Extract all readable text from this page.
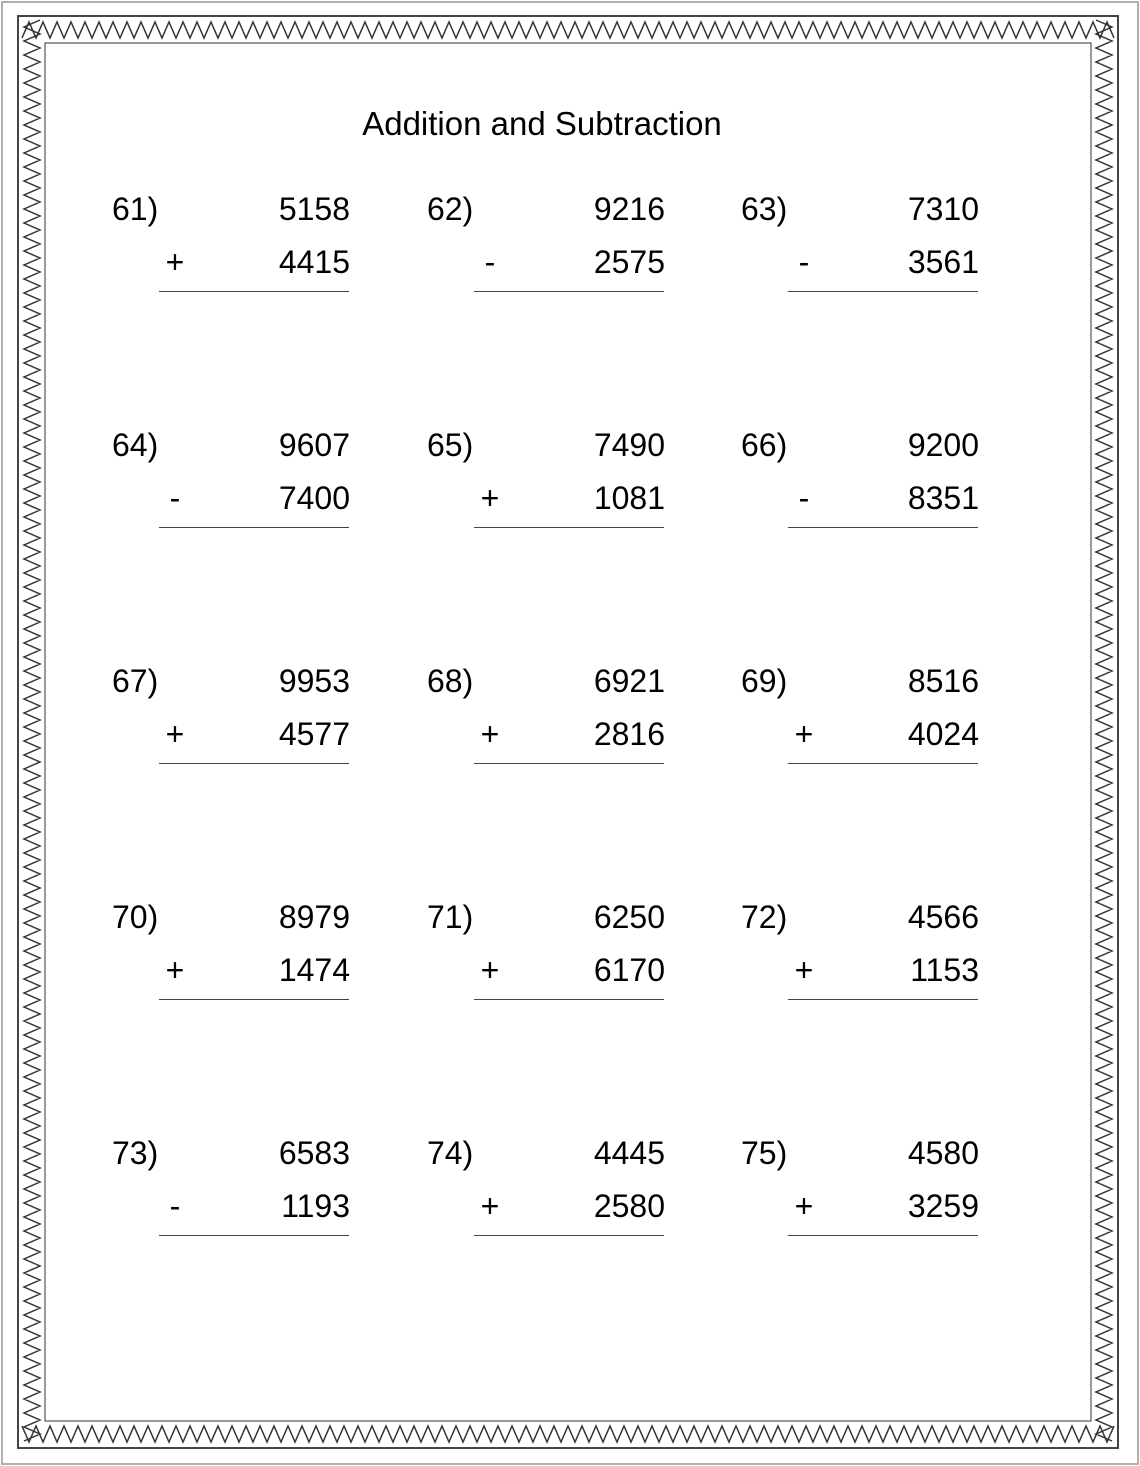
Addition and Subtraction
61)	5158
+	4415
62)	9216
-	2575
63)	7310
-	3561
64)	9607
-	7400
65)	7490
+	1081
66)	9200
-	8351
67)	9953
+	4577
68)	6921
+	2816
69)	8516
+	4024
70)	8979
+	1474
71)	6250
+	6170
72)	4566
+	1153
73)	6583
-	1193
74)	4445
+	2580
75)	4580
+	3259
